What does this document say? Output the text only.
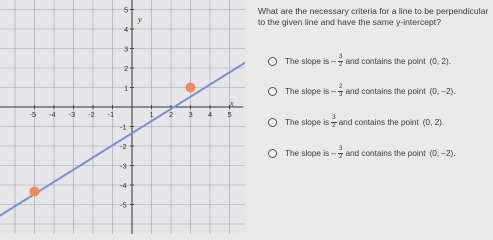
-5 -4 -3 -2 -1	1 2 3 4 5
5
4
3
2
1
-1
-2
-3
-4
-5
x
y
What are the necessary criteria for a line to be perpendicular to the given line and have the same y-intercept?
The slope is – $\frac{3}{2}$ and contains the point (0, 2).
The slope is – $\frac{2}{3}$ and contains the point (0, –2).
The slope is $\frac{3}{2}$ and contains the point (0, 2).
The slope is – $\frac{3}{2}$ and contains the point (0, –2).
